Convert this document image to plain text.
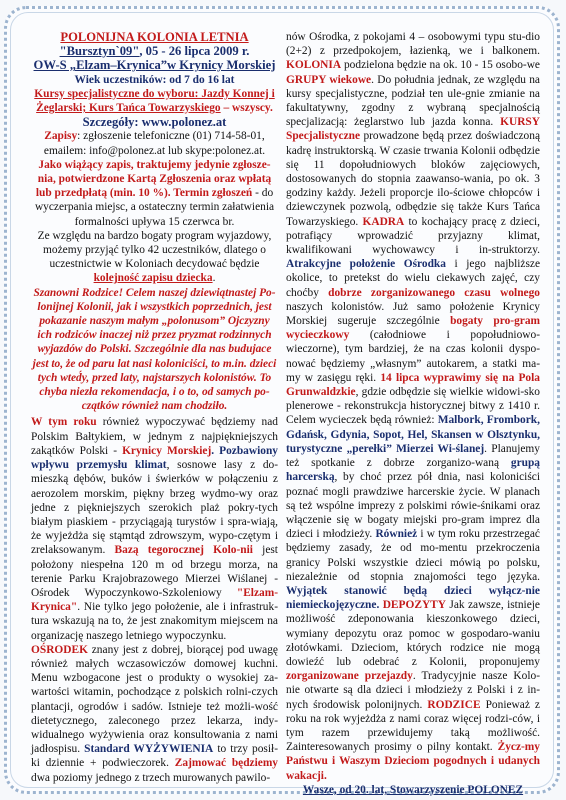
POLONIJNA KOLONIA LETNIA

"Bursztyn`09", 05 - 26 lipca 2009 r.

OW-S „Elzam–Krynica”w Krynicy Morskiej

Wiek uczestników: od 7 do 16 lat

Kursy specjalistyczne do wyboru: Jazdy Konnej i Żeglarski; Kurs Tańca Towarzyskiego – wszyscy.

Szczegóły: www.polonez.at

Zapisy: zgłoszenie telefoniczne (01) 714-58-01, emailem: info@polonez.at lub skype:polonez.at.

Jako wiążący zapis, traktujemy jedynie zgłosze-nia, potwierdzone Kartą Zgłoszenia oraz wpłatą lub przedpłatą (min. 10 %). Termin zgłoszeń - do wyczerpania miejsc, a ostateczny termin załatwienia formalności upływa 15 czerwca br.

Ze względu na bardzo bogaty program wyjazdowy, możemy przyjąć tylko 42 uczestników, dlatego o uczestnictwie w Koloniach decydować będzie kolejność zapisu dziecka.

Szanowni Rodzice! Celem naszej dziewiątnastej Po-lonijnej Kolonii, jak i wszystkich poprzednich, jest pokazanie naszym małym „polonusom” Ojczyzny ich rodziców inaczej niż przez pryzmat rodzinnych wyjazdów do Polski. Szczególnie dla nas budujace jest to, że od paru lat nasi koloniciści, to m.in. dzieci tych wted́y, przed laty, najstarszych kolonistów. To chyba niezła rekomendacja, i o to, od samych po-czątków również nam chodziło.

W tym roku również wypoczywać będziemy nad Polskim Bałtykiem, w jednym z najpiękniejszych zakątków Polski - Krynicy Morskiej. Pozbawiony wpływu przemysłu klimat, sosnowe lasy z do-mieszką dębów, buków i świerków w połączeniu z aerozolem morskim, piękny brzeg wydmo-wy oraz jedne z piękniejszych szerokich plaż pokry-tych białym piaskiem - przyciągają turystów i spra-wiają, że wyjeżdża się stąmtąd zdrowszym, wypo-czętym i zrelaksowanym. Bazą tegorocznej Kolo-nii jest położony niespełna 120 m od brzegu morza, na terenie Parku Krajobrazowego Mierzei Wiślanej - Ośrodek Wypoczynkowo-Szkoleniowy "Elzam-Krynica". Nie tylko jego położenie, ale i infrastruk-tura wskazują na to, że jest znakomitym miejscem na organizację naszego letniego wypoczynku.

OŚRODEK znany jest z dobrej, biorącej pod uwagę również małych wczasowiczów domowej kuchni. Menu wzbogacone jest o produkty o wysokiej za-wartości witamin, pochodzące z polskich rolni-czych plantacji, ogrodów i sadów. Istnieje też możli-wość dietetycznego, zaleconego przez lekarza, indy-widualnego wyżywienia oraz konsultowania z nami jadłospisu. Standard WYŻYWIENIA to trzy posił-ki dziennie + podwieczorek. Zajmować będziemy dwa poziomy jednego z trzech murowanych pawilo-

nów Ośrodka, z pokojami 4 – osobowymi typu stu-dio (2+2) z przedpokojem, łazienką, we i balkonem. KOLONIA podzielona będzie na ok. 10 - 15 osobo-we GRUPY wiekowe. Do południa jednak, ze względu na kursy specjalistyczne, podział ten ule-gnie zmianie na fakultatywny, zgodny z wybraną specjalnością specjalizacją: żeglarstwo lub jazda konna. KURSY Specjalistyczne prowadzone będą przez doświadczoną kadrę instruktorską. W czasie trwania Kolonii odbędzie się 11 dopołudniowych bloków zajęciowych, dostosowanych do stopnia zaawanso-wania, po ok. 3 godziny każdy. Jeżeli proporcje ilo-ściowe chłopców i dziewczynek pozwolą, odbędzie się także Kurs Tańca Towarzyskiego. KADRA to kochający pracę z dzieci, potrafiący wprowadzić przyjazny klimat, kwalifikowani wychowawcy i in-struktorzy. Atrakcyjne położenie Ośrodka i jego najbliższe okolice, to pretekst do wielu ciekawych zajęć, czy choćby dobrze zorganizowanego czasu wolnego naszych kolonistów. Już samo położenie Krynicy Morskiej sugeruje szczególnie bogaty pro-gram wycieczkowy (całodniowe i popołudniowo-wieczorne), tym bardziej, że na czas kolonii dyspo-nować będziemy „własnym” autokarem, a statki ma-my w zasięgu ręki. 14 lipca wyprawimy się na Pola Grunwaldzkie, gdzie odbędzie się wielkie widowi-sko plenerowe - rekonstrukcja historycznej bitwy z 1410 r. Celem wycieczek będą również: Malbork, Frombork, Gdańsk, Gdynia, Sopot, Hel, Skansen w Olsztynku, turystyczne „perełki” Mierzei Wi-ślanej. Planujemy też spotkanie z dobrze zorganizo-waną grupą harcerską, by choć przez pół dnia, nasi koloniciści poznać mogli prawdziwe harcerskie życie. W planach są też wspólne imprezy z polskimi rówie-śnikami oraz włączenie się w bogaty miejski pro-gram imprez dla dzieci i młodzieży. Również i w tym roku przestrzegać będziemy zasady, że od mo-mentu przekroczenia granicy Polski wszystkie dzieci mówią po polsku, niezależnie od stopnia znajomości tego języka. Wyjątek stanowić będą dzieci wyłącz-nie niemieckojęzyczne. DEPOZYTY Jak zawsze, istnieje możliwość zdeponowania kieszonkowego dzieci, wymiany depozytu oraz pomoc w gospodaro-waniu złotówkami. Dzieciom, których rodzice nie mogą dowieźć lub odebrać z Kolonii, proponujemy zorganizowane przejazdy. Tradycyjnie nasze Kolo-nie otwarte są dla dzieci i młodzieży z Polski i z in-nych środowisk polonijnych. RODZICE Ponieważ z roku na rok wyjeżdża z nami coraz więcej rodzi-ców, i tym razem przewidujemy taką możliwość. Zainteresowanych prosimy o pilny kontakt. Życz-my Państwu i Waszym Dzieciom pogodnych i udanych wakacji.

Wasze, od 20. lat, Stowarzyszenie POLONEZ
